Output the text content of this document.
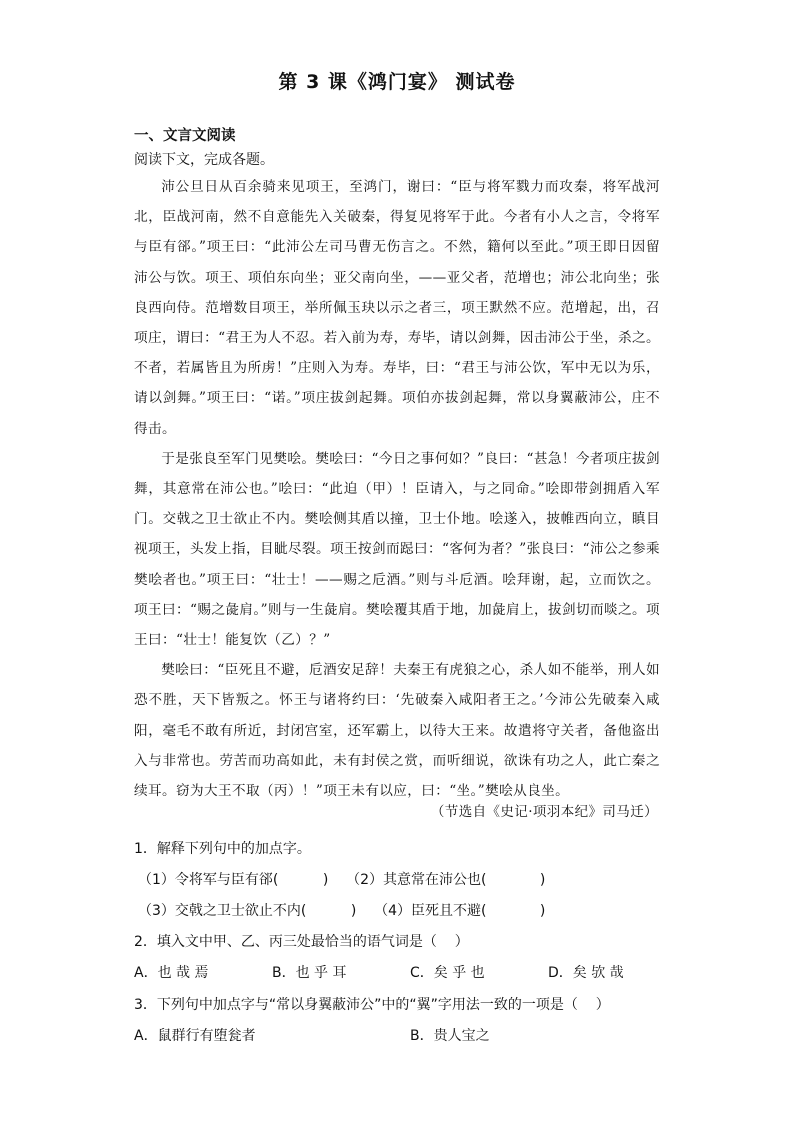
第 3 课《鸿门宴》 测试卷
一、文言文阅读
阅读下文，完成各题。

沛公旦日从百余骑来见项王，至鸿门，谢曰：“臣与将军戮力而攻秦，将军战河北，臣战河南，然不自意能先入关破秦，得复见将军于此。今者有小人之言，令将军与臣有郤。”项王曰：“此沛公左司马曹无伤言之。不然，籍何以至此。”项王即日因留沛公与饮。项王、项伯东向坐；亚父南向坐，——亚父者，范增也；沛公北向坐；张良西向侍。范增数目项王，举所佩玉玦以示之者三，项王默然不应。范增起，出，召项庄，谓曰：“君王为人不忍。若入前为寿，寿毕，请以剑舞，因击沛公于坐，杀之。不者，若属皆且为所虏！”庄则入为寿。寿毕，曰：“君王与沛公饮，军中无以为乐，请以剑舞。”项王曰：“诺。”项庄拔剑起舞。项伯亦拔剑起舞，常以身翼蔽沛公，庄不得击。

于是张良至军门见樊哙。樊哙曰：“今日之事何如？”良曰：“甚急！今者项庄拔剑舞，其意常在沛公也。”哙曰：“此迫（甲）！臣请入，与之同命。”哙即带剑拥盾入军门。交戟之卫士欲止不内。樊哙侧其盾以撞，卫士仆地。哙遂入，披帷西向立，瞋目视项王，头发上指，目眦尽裂。项王按剑而跽曰：“客何为者？”张良曰：“沛公之参乘樊哙者也。”项王曰：“壮士！——赐之卮酒。”则与斗卮酒。哙拜谢，起，立而饮之。项王曰：“赐之彘肩。”则与一生彘肩。樊哙覆其盾于地，加彘肩上，拔剑切而啖之。项王曰：“壮士！能复饮（乙）？”

樊哙曰：“臣死且不避，卮酒安足辞！夫秦王有虎狼之心，杀人如不能举，刑人如恐不胜，天下皆叛之。怀王与诸将约曰：‘先破秦入咸阳者王之。’今沛公先破秦入咸阳，毫毛不敢有所近，封闭宫室，还军霸上，以待大王来。故遣将守关者，备他盗出入与非常也。劳苦而功高如此，未有封侯之赏，而听细说，欲诛有功之人，此亡秦之续耳。窃为大王不取（丙）！”项王未有以应，曰：“坐。”樊哙从良坐。

（节选自《史记·项羽本纪》司马迁）
1．解释下列句中的加点字。
（1）令将军与臣有郤(          )    （2）其意常在沛公也(            )
（3）交戟之卫士欲止不内(          )    （4）臣死且不避(            )
2．填入文中甲、乙、丙三处最恰当的语气词是（    ）
A．也 哉 焉	B．也 乎 耳	C．矣 乎 也	D．矣 欤 哉
3．下列句中加点字与“常以身翼蔽沛公”中的“翼”字用法一致的一项是（    ）
A．鼠群行有堕瓮者	B．贵人宝之
